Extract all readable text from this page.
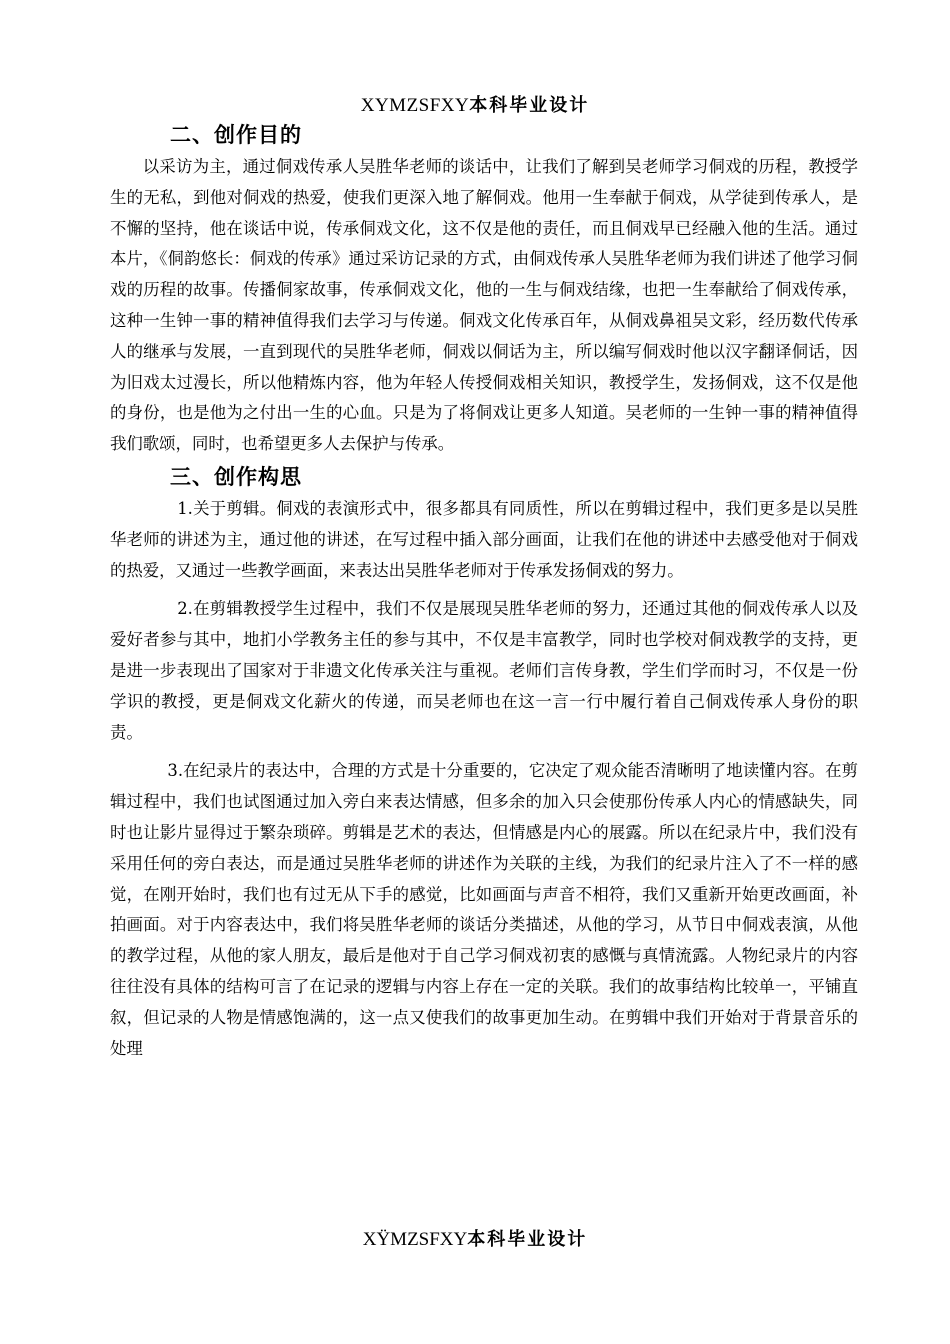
XYMZSFXY本科毕业设计
二、创作目的

以采访为主，通过侗戏传承人吴胜华老师的谈话中，让我们了解到吴老师学习侗戏的历程，教授学生的无私，到他对侗戏的热爱，使我们更深入地了解侗戏。他用一生奉献于侗戏，从学徒到传承人，是不懈的坚持，他在谈话中说，传承侗戏文化，这不仅是他的责任，而且侗戏早已经融入他的生活。通过本片，《侗韵悠长：侗戏的传承》通过采访记录的方式，由侗戏传承人吴胜华老师为我们讲述了他学习侗戏的历程的故事。传播侗家故事，传承侗戏文化，他的一生与侗戏结缘，也把一生奉献给了侗戏传承，这种一生钟一事的精神值得我们去学习与传递。侗戏文化传承百年，从侗戏鼻祖吴文彩，经历数代传承人的继承与发展，一直到现代的吴胜华老师，侗戏以侗话为主，所以编写侗戏时他以汉字翻译侗话，因为旧戏太过漫长，所以他精炼内容，他为年轻人传授侗戏相关知识，教授学生，发扬侗戏，这不仅是他的身份，也是他为之付出一生的心血。只是为了将侗戏让更多人知道。吴老师的一生钟一事的精神值得我们歌颂，同时，也希望更多人去保护与传承。

三、创作构思

1.关于剪辑。侗戏的表演形式中，很多都具有同质性，所以在剪辑过程中，我们更多是以吴胜华老师的讲述为主，通过他的讲述，在写过程中插入部分画面，让我们在他的讲述中去感受他对于侗戏的热爱，又通过一些教学画面，来表达出吴胜华老师对于传承发扬侗戏的努力。

2.在剪辑教授学生过程中，我们不仅是展现吴胜华老师的努力，还通过其他的侗戏传承人以及爱好者参与其中，地扪小学教务主任的参与其中，不仅是丰富教学，同时也学校对侗戏教学的支持，更是进一步表现出了国家对于非遗文化传承关注与重视。老师们言传身教，学生们学而时习，不仅是一份学识的教授，更是侗戏文化薪火的传递，而吴老师也在这一言一行中履行着自己侗戏传承人身份的职责。

3.在纪录片的表达中，合理的方式是十分重要的，它决定了观众能否清晰明了地读懂内容。在剪辑过程中，我们也试图通过加入旁白来表达情感，但多余的加入只会使那份传承人内心的情感缺失，同时也让影片显得过于繁杂琐碎。剪辑是艺术的表达，但情感是内心的展露。所以在纪录片中，我们没有采用任何的旁白表达，而是通过吴胜华老师的讲述作为关联的主线，为我们的纪录片注入了不一样的感觉，在刚开始时，我们也有过无从下手的感觉，比如画面与声音不相符，我们又重新开始更改画面，补拍画面。对于内容表达中，我们将吴胜华老师的谈话分类描述，从他的学习，从节日中侗戏表演，从他的教学过程，从他的家人朋友，最后是他对于自己学习侗戏初衷的感慨与真情流露。人物纪录片的内容往往没有具体的结构可言了在记录的逻辑与内容上存在一定的关联。我们的故事结构比较单一，平铺直叙，但记录的人物是情感饱满的，这一点又使我们的故事更加生动。在剪辑中我们开始对于背景音乐的处理

XŸMZSFXY本科毕业设计
